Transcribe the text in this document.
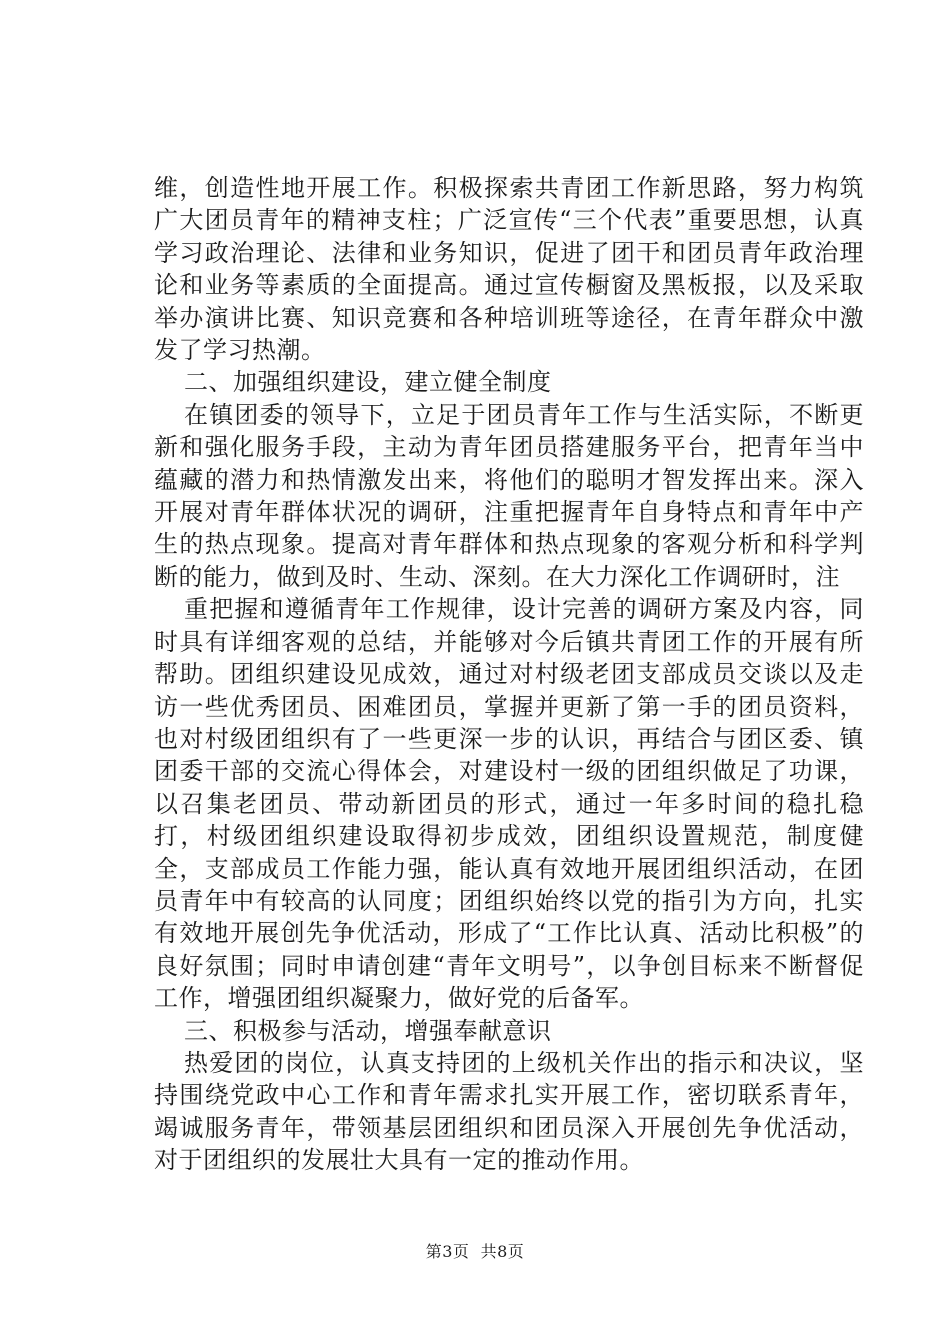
维，创造性地开展工作。积极探索共青团工作新思路，努力构筑广大团员青年的精神支柱；广泛宣传“三个代表”重要思想，认真学习政治理论、法律和业务知识，促进了团干和团员青年政治理论和业务等素质的全面提高。通过宣传橱窗及黑板报，以及采取举办演讲比赛、知识竞赛和各种培训班等途径，在青年群众中激发了学习热潮。

二、加强组织建设，建立健全制度

在镇团委的领导下，立足于团员青年工作与生活实际，不断更新和强化服务手段，主动为青年团员搭建服务平台，把青年当中蕴藏的潜力和热情激发出来，将他们的聪明才智发挥出来。深入开展对青年群体状况的调研，注重把握青年自身特点和青年中产生的热点现象。提高对青年群体和热点现象的客观分析和科学判断的能力，做到及时、生动、深刻。在大力深化工作调研时，注

重把握和遵循青年工作规律，设计完善的调研方案及内容，同时具有详细客观的总结，并能够对今后镇共青团工作的开展有所帮助。团组织建设见成效，通过对村级老团支部成员交谈以及走访一些优秀团员、困难团员，掌握并更新了第一手的团员资料，也对村级团组织有了一些更深一步的认识，再结合与团区委、镇团委干部的交流心得体会，对建设村一级的团组织做足了功课，以召集老团员、带动新团员的形式，通过一年多时间的稳扎稳打，村级团组织建设取得初步成效，团组织设置规范，制度健全，支部成员工作能力强，能认真有效地开展团组织活动，在团员青年中有较高的认同度；团组织始终以党的指引为方向，扎实有效地开展创先争优活动，形成了“工作比认真、活动比积极”的良好氛围；同时申请创建“青年文明号”，以争创目标来不断督促工作，增强团组织凝聚力，做好党的后备军。

三、积极参与活动，增强奉献意识

热爱团的岗位，认真支持团的上级机关作出的指示和决议，坚持围绕党政中心工作和青年需求扎实开展工作，密切联系青年，竭诚服务青年，带领基层团组织和团员深入开展创先争优活动，对于团组织的发展壮大具有一定的推动作用。

第3页  共8页
